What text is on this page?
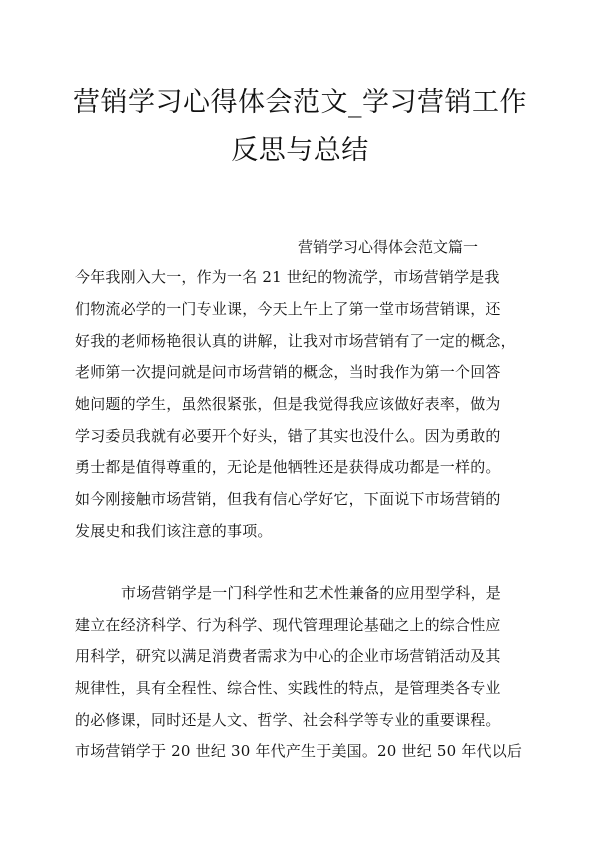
营销学习心得体会范文_学习营销工作
反思与总结
营销学习心得体会范文篇一
今年我刚入大一，作为一名 21 世纪的物流学，市场营销学是我
们物流必学的一门专业课，今天上午上了第一堂市场营销课，还
好我的老师杨艳很认真的讲解，让我对市场营销有了一定的概念，
老师第一次提问就是问市场营销的概念，当时我作为第一个回答
她问题的学生，虽然很紧张，但是我觉得我应该做好表率，做为
学习委员我就有必要开个好头，错了其实也没什么。因为勇敢的
勇士都是值得尊重的，无论是他牺牲还是获得成功都是一样的。
如今刚接触市场营销，但我有信心学好它，下面说下市场营销的
发展史和我们该注意的事项。
市场营销学是一门科学性和艺术性兼备的应用型学科，是
建立在经济科学、行为科学、现代管理理论基础之上的综合性应
用科学，研究以满足消费者需求为中心的企业市场营销活动及其
规律性，具有全程性、综合性、实践性的特点，是管理类各专业
的必修课，同时还是人文、哲学、社会科学等专业的重要课程。
市场营销学于 20 世纪 30 年代产生于美国。20 世纪 50 年代以后
